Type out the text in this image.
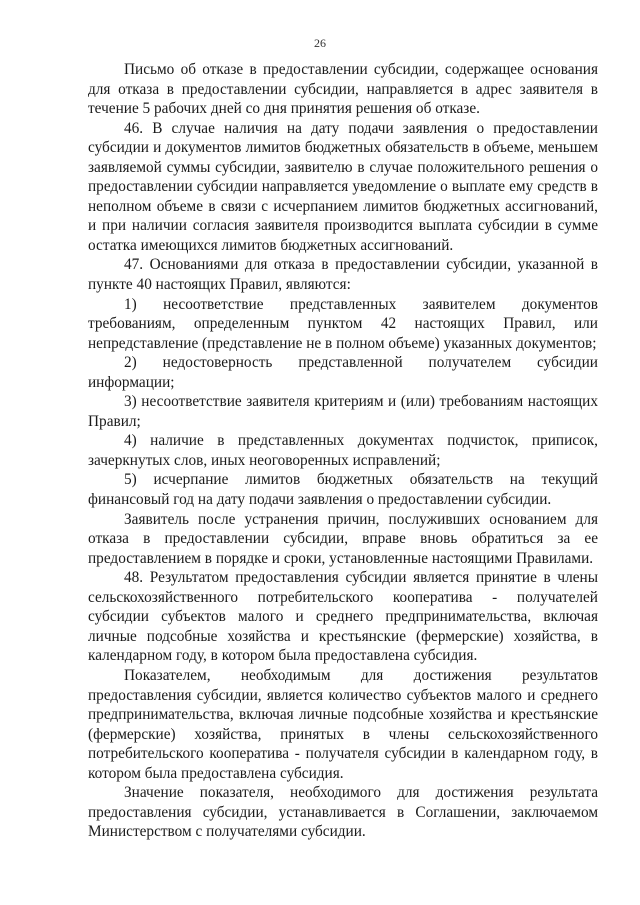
26

Письмо об отказе в предоставлении субсидии, содержащее основания для отказа в предоставлении субсидии, направляется в адрес заявителя в течение 5 рабочих дней со дня принятия решения об отказе.

46. В случае наличия на дату подачи заявления о предоставлении субсидии и документов лимитов бюджетных обязательств в объеме, меньшем заявляемой суммы субсидии, заявителю в случае положительного решения о предоставлении субсидии направляется уведомление о выплате ему средств в неполном объеме в связи с исчерпанием лимитов бюджетных ассигнований, и при наличии согласия заявителя производится выплата субсидии в сумме остатка имеющихся лимитов бюджетных ассигнований.

47. Основаниями для отказа в предоставлении субсидии, указанной в пункте 40 настоящих Правил, являются:

1) несоответствие представленных заявителем документов требованиям, определенным пунктом 42 настоящих Правил, или непредставление (представление не в полном объеме) указанных документов;

2) недостоверность представленной получателем субсидии информации;

3) несоответствие заявителя критериям и (или) требованиям настоящих Правил;

4) наличие в представленных документах подчисток, приписок, зачеркнутых слов, иных неоговоренных исправлений;

5) исчерпание лимитов бюджетных обязательств на текущий финансовый год на дату подачи заявления о предоставлении субсидии.

Заявитель после устранения причин, послуживших основанием для отказа в предоставлении субсидии, вправе вновь обратиться за ее предоставлением в порядке и сроки, установленные настоящими Правилами.

48. Результатом предоставления субсидии является принятие в члены сельскохозяйственного потребительского кооператива - получателей субсидии субъектов малого и среднего предпринимательства, включая личные подсобные хозяйства и крестьянские (фермерские) хозяйства, в календарном году, в котором была предоставлена субсидия.

Показателем, необходимым для достижения результатов предоставления субсидии, является количество субъектов малого и среднего предпринимательства, включая личные подсобные хозяйства и крестьянские (фермерские) хозяйства, принятых в члены сельскохозяйственного потребительского кооператива - получателя субсидии в календарном году, в котором была предоставлена субсидия.

Значение показателя, необходимого для достижения результата предоставления субсидии, устанавливается в Соглашении, заключаемом Министерством с получателями субсидии.
